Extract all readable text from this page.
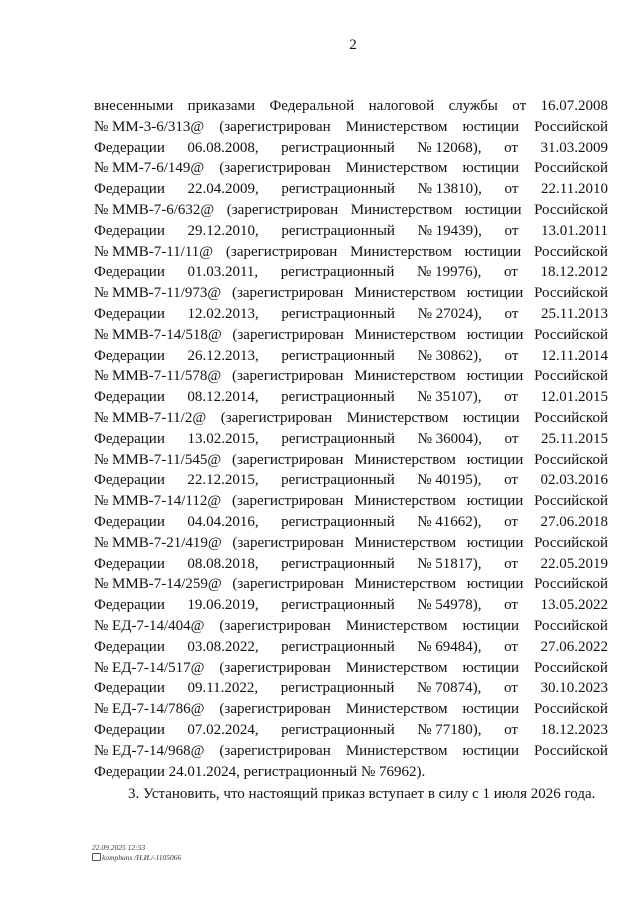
2
внесенными приказами Федеральной налоговой службы от 16.07.2008
№ ММ-3-6/313@ (зарегистрирован Министерством юстиции Российской
Федерации 06.08.2008, регистрационный № 12068), от 31.03.2009
№ ММ-7-6/149@ (зарегистрирован Министерством юстиции Российской
Федерации 22.04.2009, регистрационный № 13810), от 22.11.2010
№ ММВ-7-6/632@ (зарегистрирован Министерством юстиции Российской
Федерации 29.12.2010, регистрационный № 19439), от 13.01.2011
№ ММВ-7-11/11@ (зарегистрирован Министерством юстиции Российской
Федерации 01.03.2011, регистрационный № 19976), от 18.12.2012
№ ММВ-7-11/973@ (зарегистрирован Министерством юстиции Российской
Федерации 12.02.2013, регистрационный № 27024), от 25.11.2013
№ ММВ-7-14/518@ (зарегистрирован Министерством юстиции Российской
Федерации 26.12.2013, регистрационный № 30862), от 12.11.2014
№ ММВ-7-11/578@ (зарегистрирован Министерством юстиции Российской
Федерации 08.12.2014, регистрационный № 35107), от 12.01.2015
№ ММВ-7-11/2@ (зарегистрирован Министерством юстиции Российской
Федерации 13.02.2015, регистрационный № 36004), от 25.11.2015
№ ММВ-7-11/545@ (зарегистрирован Министерством юстиции Российской
Федерации 22.12.2015, регистрационный № 40195), от 02.03.2016
№ ММВ-7-14/112@ (зарегистрирован Министерством юстиции Российской
Федерации 04.04.2016, регистрационный № 41662), от 27.06.2018
№ ММВ-7-21/419@ (зарегистрирован Министерством юстиции Российской
Федерации 08.08.2018, регистрационный № 51817), от 22.05.2019
№ ММВ-7-14/259@ (зарегистрирован Министерством юстиции Российской
Федерации 19.06.2019, регистрационный № 54978), от 13.05.2022
№ ЕД-7-14/404@ (зарегистрирован Министерством юстиции Российской
Федерации 03.08.2022, регистрационный № 69484), от 27.06.2022
№ ЕД-7-14/517@ (зарегистрирован Министерством юстиции Российской
Федерации 09.11.2022, регистрационный № 70874), от 30.10.2023
№ ЕД-7-14/786@ (зарегистрирован Министерством юстиции Российской
Федерации 07.02.2024, регистрационный № 77180), от 18.12.2023
№ ЕД-7-14/968@ (зарегистрирован Министерством юстиции Российской
Федерации 24.01.2024, регистрационный № 76962).
3. Установить, что настоящий приказ вступает в силу с 1 июля 2026 года.
22.09.2025 12:53
kompbuns /Н.И./-1105066
